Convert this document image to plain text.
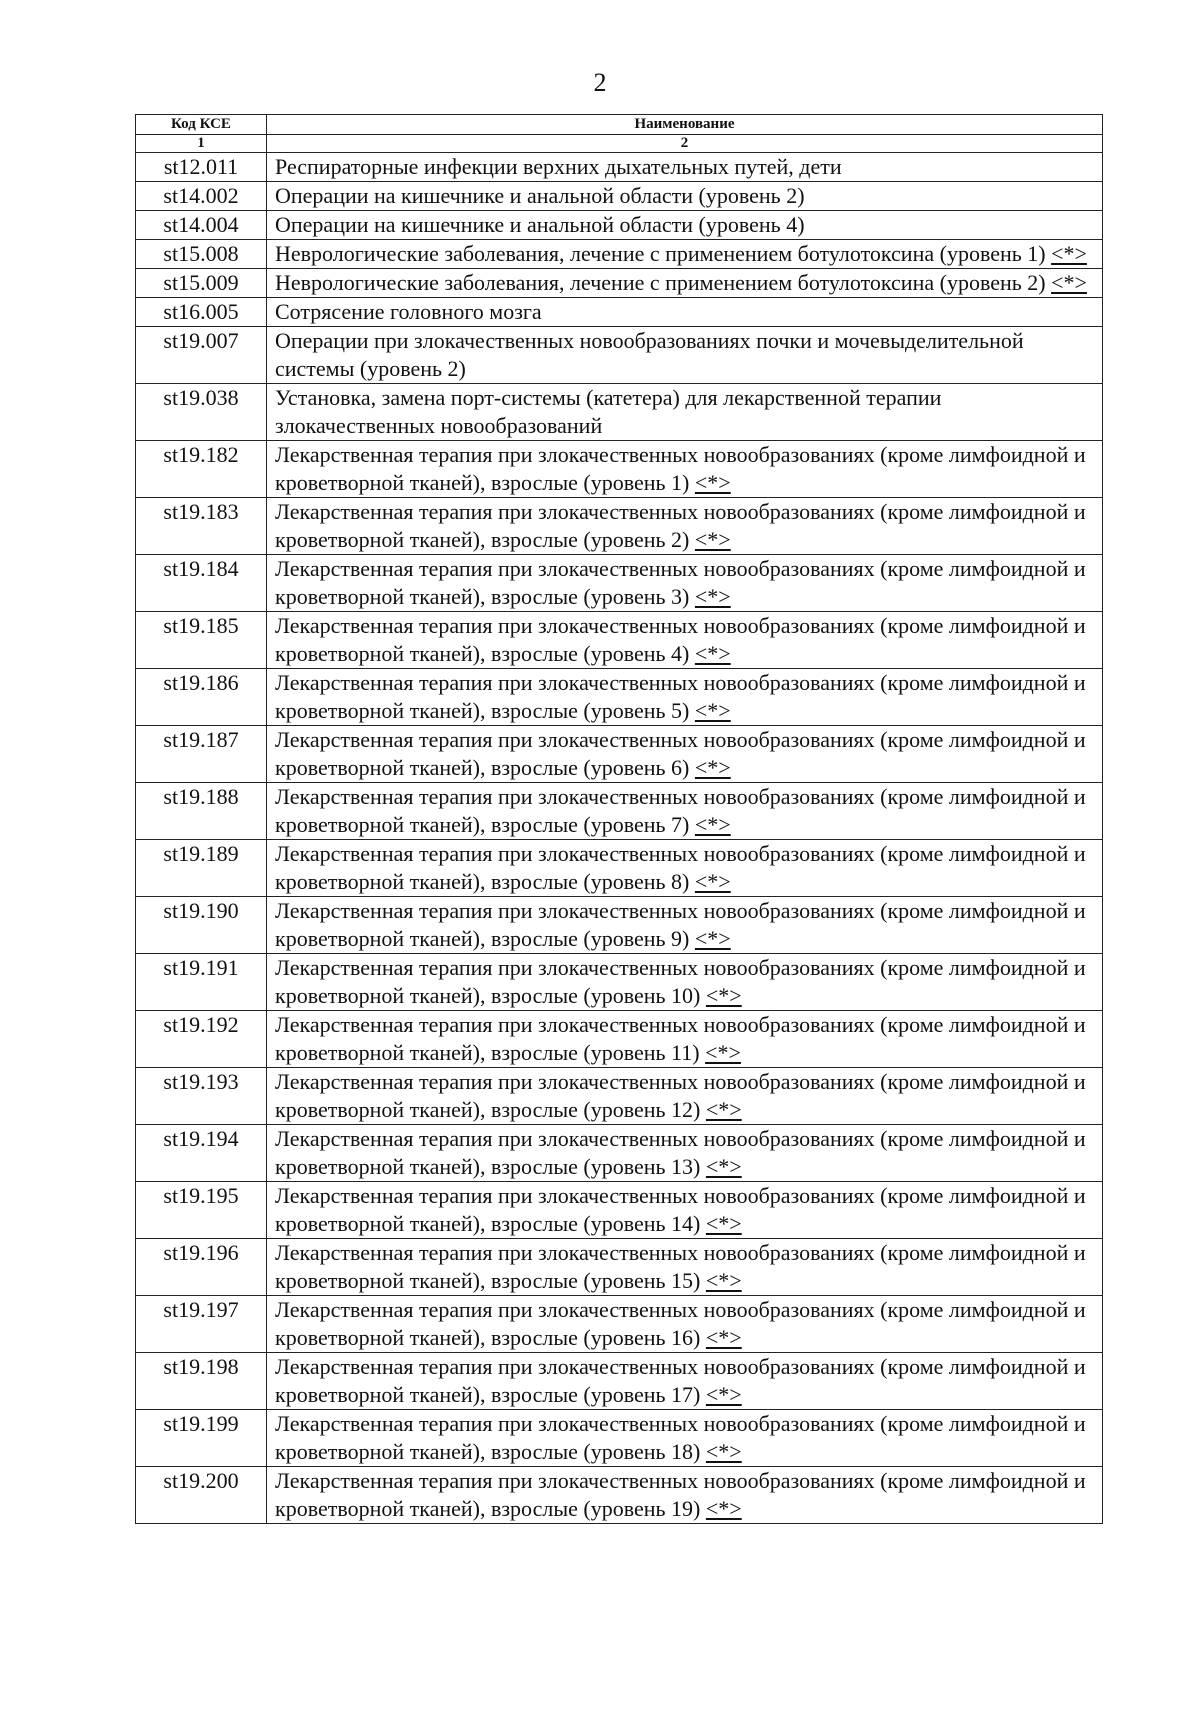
2
Код КСЕ	Наименование
1	2
st12.011	Респираторные инфекции верхних дыхательных путей, дети
st14.002	Операции на кишечнике и анальной области (уровень 2)
st14.004	Операции на кишечнике и анальной области (уровень 4)
st15.008	Неврологические заболевания, лечение с применением ботулотоксина (уровень 1) <*>
st15.009	Неврологические заболевания, лечение с применением ботулотоксина (уровень 2) <*>
st16.005	Сотрясение головного мозга
st19.007	Операции при злокачественных новообразованиях почки и мочевыделительной системы (уровень 2)
st19.038	Установка, замена порт-системы (катетера) для лекарственной терапии злокачественных новообразований
st19.182	Лекарственная терапия при злокачественных новообразованиях (кроме лимфоидной и кроветворной тканей), взрослые (уровень 1) <*>
st19.183	Лекарственная терапия при злокачественных новообразованиях (кроме лимфоидной и кроветворной тканей), взрослые (уровень 2) <*>
st19.184	Лекарственная терапия при злокачественных новообразованиях (кроме лимфоидной и кроветворной тканей), взрослые (уровень 3) <*>
st19.185	Лекарственная терапия при злокачественных новообразованиях (кроме лимфоидной и кроветворной тканей), взрослые (уровень 4) <*>
st19.186	Лекарственная терапия при злокачественных новообразованиях (кроме лимфоидной и кроветворной тканей), взрослые (уровень 5) <*>
st19.187	Лекарственная терапия при злокачественных новообразованиях (кроме лимфоидной и кроветворной тканей), взрослые (уровень 6) <*>
st19.188	Лекарственная терапия при злокачественных новообразованиях (кроме лимфоидной и кроветворной тканей), взрослые (уровень 7) <*>
st19.189	Лекарственная терапия при злокачественных новообразованиях (кроме лимфоидной и кроветворной тканей), взрослые (уровень 8) <*>
st19.190	Лекарственная терапия при злокачественных новообразованиях (кроме лимфоидной и кроветворной тканей), взрослые (уровень 9) <*>
st19.191	Лекарственная терапия при злокачественных новообразованиях (кроме лимфоидной и кроветворной тканей), взрослые (уровень 10) <*>
st19.192	Лекарственная терапия при злокачественных новообразованиях (кроме лимфоидной и кроветворной тканей), взрослые (уровень 11) <*>
st19.193	Лекарственная терапия при злокачественных новообразованиях (кроме лимфоидной и кроветворной тканей), взрослые (уровень 12) <*>
st19.194	Лекарственная терапия при злокачественных новообразованиях (кроме лимфоидной и кроветворной тканей), взрослые (уровень 13) <*>
st19.195	Лекарственная терапия при злокачественных новообразованиях (кроме лимфоидной и кроветворной тканей), взрослые (уровень 14) <*>
st19.196	Лекарственная терапия при злокачественных новообразованиях (кроме лимфоидной и кроветворной тканей), взрослые (уровень 15) <*>
st19.197	Лекарственная терапия при злокачественных новообразованиях (кроме лимфоидной и кроветворной тканей), взрослые (уровень 16) <*>
st19.198	Лекарственная терапия при злокачественных новообразованиях (кроме лимфоидной и кроветворной тканей), взрослые (уровень 17) <*>
st19.199	Лекарственная терапия при злокачественных новообразованиях (кроме лимфоидной и кроветворной тканей), взрослые (уровень 18) <*>
st19.200	Лекарственная терапия при злокачественных новообразованиях (кроме лимфоидной и кроветворной тканей), взрослые (уровень 19) <*>
